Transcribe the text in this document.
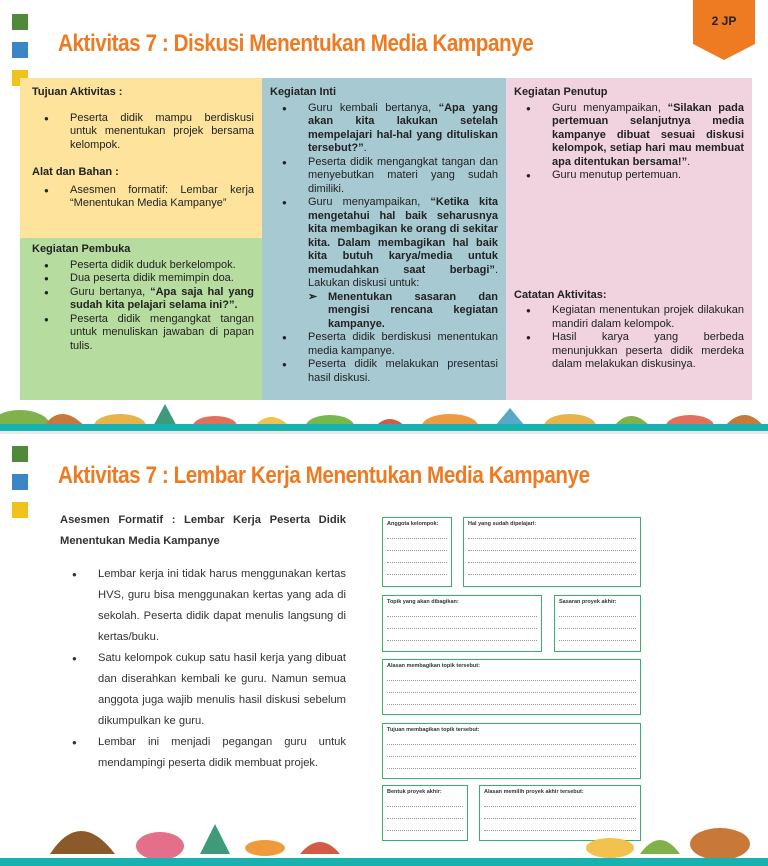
Aktivitas 7 : Diskusi Menentukan Media Kampanye
2 JP
Tujuan Aktivitas :
● Peserta didik mampu berdiskusi untuk menentukan projek bersama kelompok.
Alat dan Bahan :
● Asesmen formatif: Lembar kerja “Menentukan Media Kampanye”
Kegiatan Pembuka
● Peserta didik duduk berkelompok.
● Dua peserta didik memimpin doa.
● Guru bertanya, “Apa saja hal yang sudah kita pelajari selama ini?”.
● Peserta didik mengangkat tangan untuk menuliskan jawaban di papan tulis.
Kegiatan Inti
● Guru kembali bertanya, “Apa yang akan kita lakukan setelah mempelajari hal-hal yang dituliskan tersebut?”.
● Peserta didik mengangkat tangan dan menyebutkan materi yang sudah dimiliki.
● Guru menyampaikan, “Ketika kita mengetahui hal baik seharusnya kita membagikan ke orang di sekitar kita. Dalam membagikan hal baik kita butuh karya/media untuk memudahkan saat berbagi”. Lakukan diskusi untuk:
➢ Menentukan sasaran dan mengisi rencana kegiatan kampanye.
● Peserta didik berdiskusi menentukan media kampanye.
● Peserta didik melakukan presentasi hasil diskusi.
Kegiatan Penutup
● Guru menyampaikan, “Silakan pada pertemuan selanjutnya media kampanye dibuat sesuai diskusi kelompok, setiap hari mau membuat apa ditentukan bersama!”.
● Guru menutup pertemuan.
Catatan Aktivitas:
● Kegiatan menentukan projek dilakukan mandiri dalam kelompok.
● Hasil karya yang berbeda menunjukkan peserta didik merdeka dalam melakukan diskusinya.
Aktivitas 7 : Lembar Kerja Menentukan Media Kampanye
Asesmen Formatif : Lembar Kerja Peserta Didik Menentukan Media Kampanye
● Lembar kerja ini tidak harus menggunakan kertas HVS, guru bisa menggunakan kertas yang ada di sekolah. Peserta didik dapat menulis langsung di kertas/buku.
● Satu kelompok cukup satu hasil kerja yang dibuat dan diserahkan kembali ke guru. Namun semua anggota juga wajib menulis hasil diskusi sebelum dikumpulkan ke guru.
● Lembar ini menjadi pegangan guru untuk mendampingi peserta didik membuat projek.
Anggota kelompok:	Hal yang sudah dipelajari:
Topik yang akan dibagikan:	Sasaran proyek akhir:
Alasan membagikan topik tersebut:
Tujuan membagikan topik tersebut:
Bentuk proyek akhir:	Alasan memilih proyek akhir tersebut:
